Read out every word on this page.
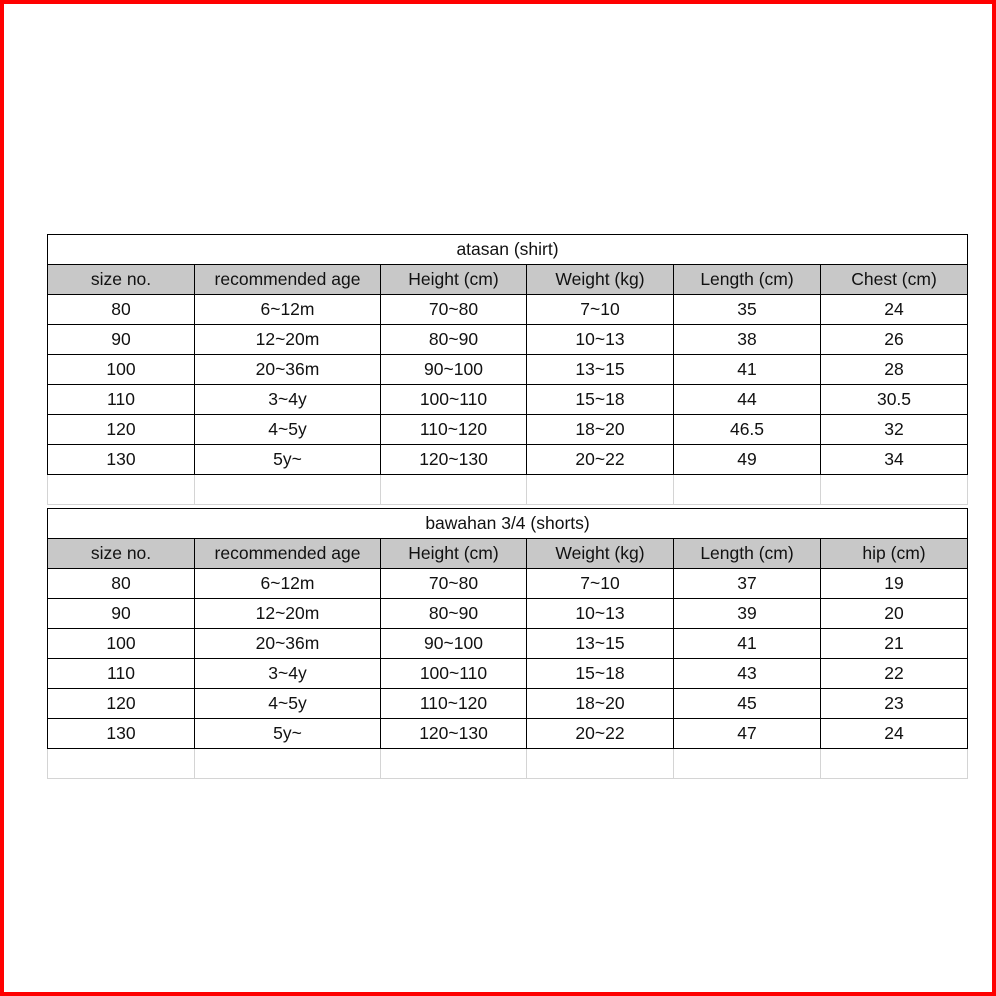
atasan (shirt)					
size no.	recommended age	Height (cm)	Weight (kg)	Length (cm)	Chest (cm)
80	6~12m	70~80	7~10	35	24
90	12~20m	80~90	10~13	38	26
100	20~36m	90~100	13~15	41	28
110	3~4y	100~110	15~18	44	30.5
120	4~5y	110~120	18~20	46.5	32
130	5y~	120~130	20~22	49	34

bawahan 3/4 (shorts)					
size no.	recommended age	Height (cm)	Weight (kg)	Length (cm)	hip (cm)
80	6~12m	70~80	7~10	37	19
90	12~20m	80~90	10~13	39	20
100	20~36m	90~100	13~15	41	21
110	3~4y	100~110	15~18	43	22
120	4~5y	110~120	18~20	45	23
130	5y~	120~130	20~22	47	24
